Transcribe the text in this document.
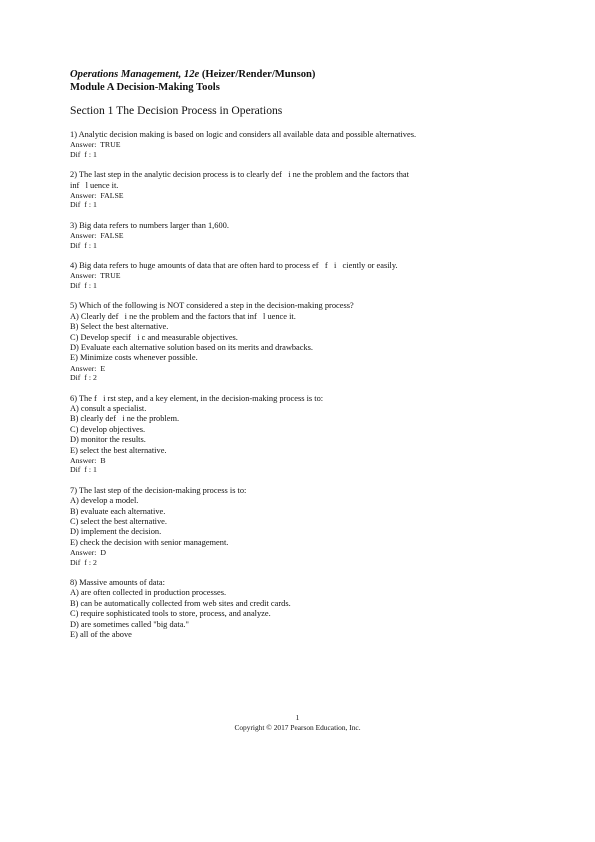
Operations Management, 12e (Heizer/Render/Munson)
Module A Decision-Making Tools
Section 1 The Decision Process in Operations
1) Analytic decision making is based on logic and considers all available data and possible alternatives.
Answer:  TRUE
Dif  f : 1
2) The last step in the analytic decision process is to clearly def   i ne the problem and the factors that
inf   l uence it.
Answer:  FALSE
Dif  f : 1
3) Big data refers to numbers larger than 1,600.
Answer:  FALSE
Dif  f : 1
4) Big data refers to huge amounts of data that are often hard to process ef   f   i   ciently or easily.
Answer:  TRUE
Dif  f : 1
5) Which of the following is NOT considered a step in the decision-making process?
A) Clearly def   i ne the problem and the factors that inf   l uence it.
B) Select the best alternative.
C) Develop specif   i c and measurable objectives.
D) Evaluate each alternative solution based on its merits and drawbacks.
E) Minimize costs whenever possible.
Answer:  E
Dif  f : 2
6) The f   i rst step, and a key element, in the decision-making process is to:
A) consult a specialist.
B) clearly def   i ne the problem.
C) develop objectives.
D) monitor the results.
E) select the best alternative.
Answer:  B
Dif  f : 1
7) The last step of the decision-making process is to:
A) develop a model.
B) evaluate each alternative.
C) select the best alternative.
D) implement the decision.
E) check the decision with senior management.
Answer:  D
Dif  f : 2
8) Massive amounts of data:
A) are often collected in production processes.
B) can be automatically collected from web sites and credit cards.
C) require sophisticated tools to store, process, and analyze.
D) are sometimes called "big data."
E) all of the above
1
Copyright © 2017 Pearson Education, Inc.
